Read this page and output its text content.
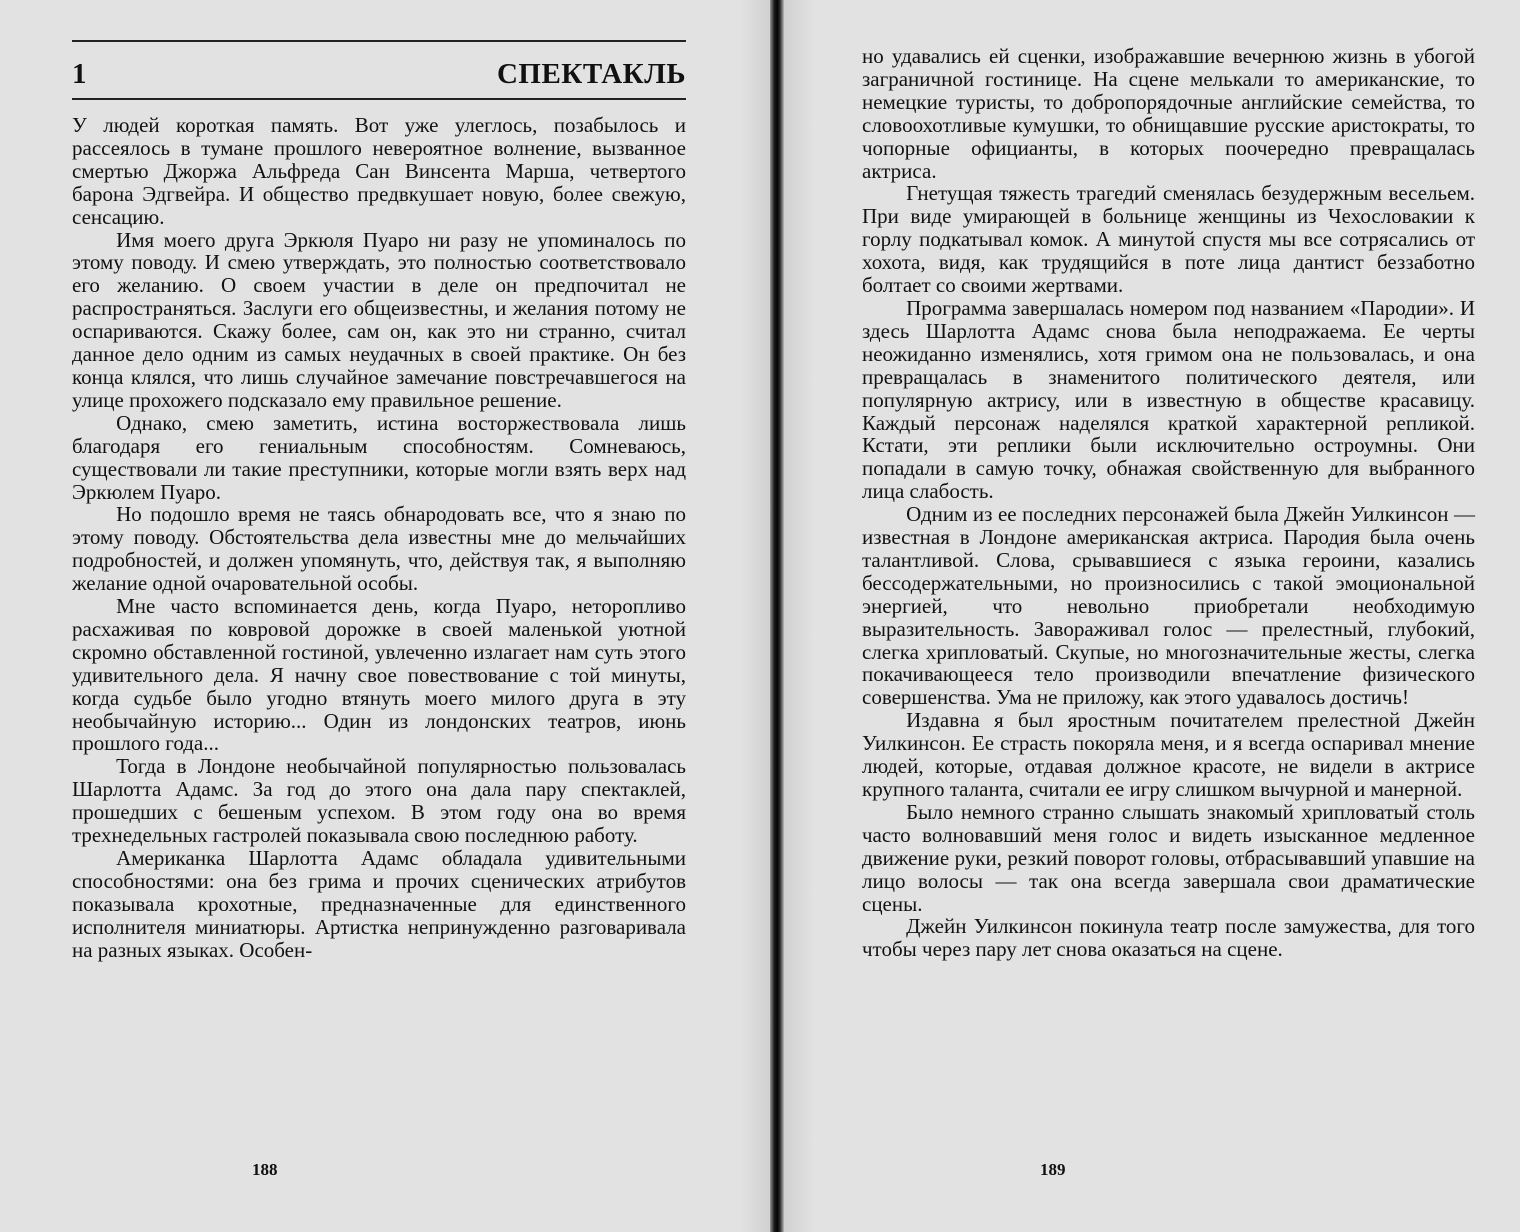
1	СПЕКТАКЛЬ

У людей короткая память. Вот уже улеглось, позабылось и рассеялось в тумане прошлого невероятное волнение, вызванное смертью Джоржа Альфреда Сан Винсента Марша, четвертого барона Эдгвейра. И общество предвкушает новую, более свежую, сенсацию.

Имя моего друга Эркюля Пуаро ни разу не упоминалось по этому поводу. И смею утверждать, это полностью соответствовало его желанию. О своем участии в деле он предпочитал не распространяться. Заслуги его общеизвестны, и желания потому не оспариваются. Скажу более, сам он, как это ни странно, считал данное дело одним из самых неудачных в своей практике. Он без конца клялся, что лишь случайное замечание повстречавшегося на улице прохожего подсказало ему правильное решение.

Однако, смею заметить, истина восторжествовала лишь благодаря его гениальным способностям. Сомневаюсь, существовали ли такие преступники, которые могли взять верх над Эркюлем Пуаро.

Но подошло время не таясь обнародовать все, что я знаю по этому поводу. Обстоятельства дела известны мне до мельчайших подробностей, и должен упомянуть, что, действуя так, я выполняю желание одной очаровательной особы.

Мне часто вспоминается день, когда Пуаро, неторопливо расхаживая по ковровой дорожке в своей маленькой уютной скромно обставленной гостиной, увлеченно излагает нам суть этого удивительного дела. Я начну свое повествование с той минуты, когда судьбе было угодно втянуть моего милого друга в эту необычайную историю... Один из лондонских театров, июнь прошлого года...

Тогда в Лондоне необычайной популярностью пользовалась Шарлотта Адамс. За год до этого она дала пару спектаклей, прошедших с бешеным успехом. В этом году она во время трехнедельных гастролей показывала свою последнюю работу.

Американка Шарлотта Адамс обладала удивительными способностями: она без грима и прочих сценических атрибутов показывала крохотные, предназначенные для единственного исполнителя миниатюры. Артистка непринужденно разговаривала на разных языках. Особен-

188

но удавались ей сценки, изображавшие вечернюю жизнь в убогой заграничной гостинице. На сцене мелькали то американские, то немецкие туристы, то добропорядочные английские семейства, то словоохотливые кумушки, то обнищавшие русские аристократы, то чопорные официанты, в которых поочередно превращалась актриса.

Гнетущая тяжесть трагедий сменялась безудержным весельем. При виде умирающей в больнице женщины из Чехословакии к горлу подкатывал комок. А минутой спустя мы все сотрясались от хохота, видя, как трудящийся в поте лица дантист беззаботно болтает со своими жертвами.

Программа завершалась номером под названием «Пародии». И здесь Шарлотта Адамс снова была неподражаема. Ее черты неожиданно изменялись, хотя гримом она не пользовалась, и она превращалась в знаменитого политического деятеля, или популярную актрису, или в известную в обществе красавицу. Каждый персонаж наделялся краткой характерной репликой. Кстати, эти реплики были исключительно остроумны. Они попадали в самую точку, обнажая свойственную для выбранного лица слабость.

Одним из ее последних персонажей была Джейн Уилкинсон — известная в Лондоне американская актриса. Пародия была очень талантливой. Слова, срывавшиеся с языка героини, казались бессодержательными, но произносились с такой эмоциональной энергией, что невольно приобретали необходимую выразительность. Завораживал голос — прелестный, глубокий, слегка хрипловатый. Скупые, но многозначительные жесты, слегка покачивающееся тело производили впечатление физического совершенства. Ума не приложу, как этого удавалось достичь!

Издавна я был яростным почитателем прелестной Джейн Уилкинсон. Ее страсть покоряла меня, и я всегда оспаривал мнение людей, которые, отдавая должное красоте, не видели в актрисе крупного таланта, считали ее игру слишком вычурной и манерной.

Было немного странно слышать знакомый хрипловатый столь часто волновавший меня голос и видеть изысканное медленное движение руки, резкий поворот головы, отбрасывавший упавшие на лицо волосы — так она всегда завершала свои драматические сцены.

Джейн Уилкинсон покинула театр после замужества, для того чтобы через пару лет снова оказаться на сцене.

189
